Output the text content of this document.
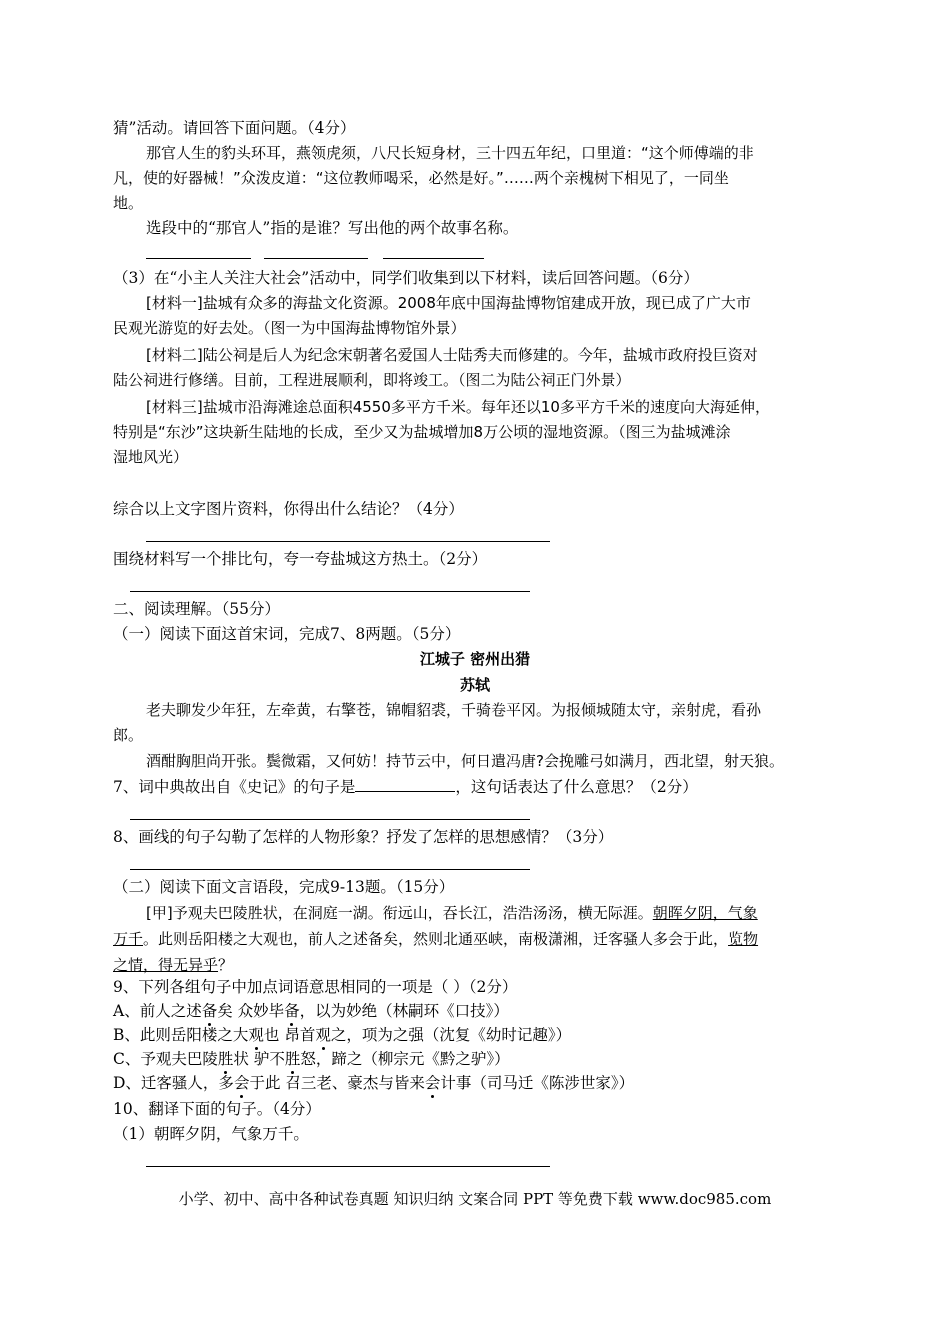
猜”活动。请回答下面问题。（4分）
那官人生的豹头环耳，燕领虎须，八尺长短身材，三十四五年纪，口里道：“这个师傅端的非
凡，使的好器械！”众泼皮道：“这位教师喝采，必然是好。”……两个亲槐树下相见了，一同坐
地。
选段中的“那官人”指的是谁？写出他的两个故事名称。
（3）在“小主人关注大社会”活动中，同学们收集到以下材料，读后回答问题。（6分）
[材料一]盐城有众多的海盐文化资源。2008年底中国海盐博物馆建成开放，现已成了广大市
民观光游览的好去处。（图一为中国海盐博物馆外景）
[材料二]陆公祠是后人为纪念宋朝著名爱国人士陆秀夫而修建的。今年，盐城市政府投巨资对
陆公祠进行修缮。目前，工程进展顺利，即将竣工。（图二为陆公祠正门外景）
[材料三]盐城市沿海滩途总面积4550多平方千米。每年还以10多平方千米的速度向大海延伸，
特别是“东沙”这块新生陆地的长成，至少又为盐城增加8万公顷的湿地资源。（图三为盐城滩涂
湿地风光）
综合以上文字图片资料，你得出什么结论？（4分）
围绕材料写一个排比句，夸一夸盐城这方热土。（2分）
二、阅读理解。（55分）
（一）阅读下面这首宋词，完成7、8两题。（5分）
江城子 密州出猎
苏轼
老夫聊发少年狂，左牵黄，右擎苍，锦帽貂裘，千骑卷平冈。为报倾城随太守，亲射虎，看孙
郎。
酒酣胸胆尚开张。鬓微霜，又何妨！持节云中，何日遣冯唐?会挽雕弓如满月，西北望，射天狼。
7、词中典故出自《史记》的句子是	，这句话表达了什么意思？（2分）
8、画线的句子勾勒了怎样的人物形象？抒发了怎样的思想感情？（3分）
（二）阅读下面文言语段，完成9-13题。（15分）
[甲]予观夫巴陵胜状，在洞庭一湖。衔远山，吞长江，浩浩汤汤，横无际涯。朝晖夕阴，气象
万千。此则岳阳楼之大观也，前人之述备矣，然则北通巫峡，南极潇湘，迁客骚人多会于此，览物
之情，得无异乎？
9、下列各组句子中加点词语意思相同的一项是（ ）（2分）
A、前人之述备矣 众妙毕备，以为妙绝（林嗣环《口技》）
B、此则岳阳楼之大观也 昂首观之，项为之强（沈复《幼时记趣》）
C、予观夫巴陵胜状 驴不胜怒，蹄之（柳宗元《黔之驴》）
D、迁客骚人，多会于此 召三老、豪杰与皆来会计事（司马迁《陈涉世家》）
10、翻译下面的句子。（4分）
（1）朝晖夕阴，气象万千。
小学、初中、高中各种试卷真题 知识归纳 文案合同 PPT 等免费下载 www.doc985.com
